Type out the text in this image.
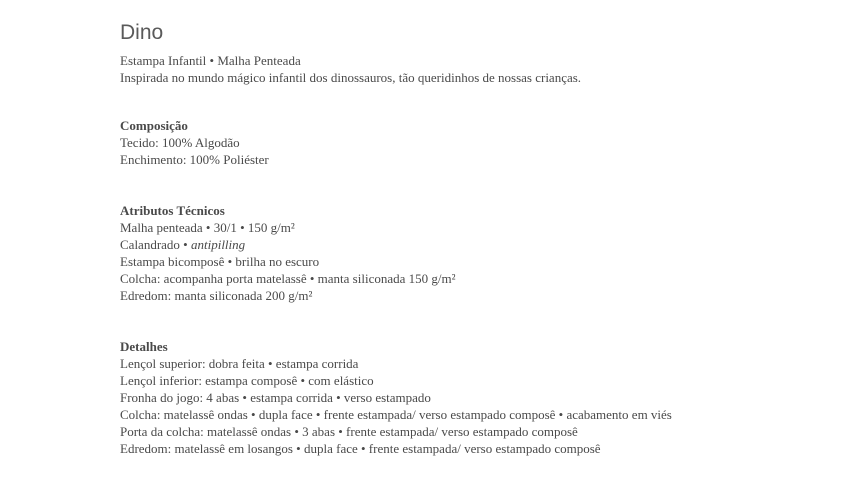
Dino
Estampa Infantil • Malha Penteada
Inspirada no mundo mágico infantil dos dinossauros, tão queridinhos de nossas crianças.
Composição
Tecido: 100% Algodão
Enchimento: 100% Poliéster
Atributos Técnicos
Malha penteada • 30/1 • 150 g/m²
Calandrado • antipilling
Estampa bicomposê • brilha no escuro
Colcha: acompanha porta matelassê • manta siliconada 150 g/m²
Edredom: manta siliconada 200 g/m²
Detalhes
Lençol superior: dobra feita • estampa corrida
Lençol inferior: estampa composê • com elástico
Fronha do jogo: 4 abas • estampa corrida • verso estampado
Colcha: matelassê ondas • dupla face • frente estampada/ verso estampado composê • acabamento em viés
Porta da colcha: matelassê ondas • 3 abas • frente estampada/ verso estampado composê
Edredom: matelassê em losangos • dupla face • frente estampada/ verso estampado composê
